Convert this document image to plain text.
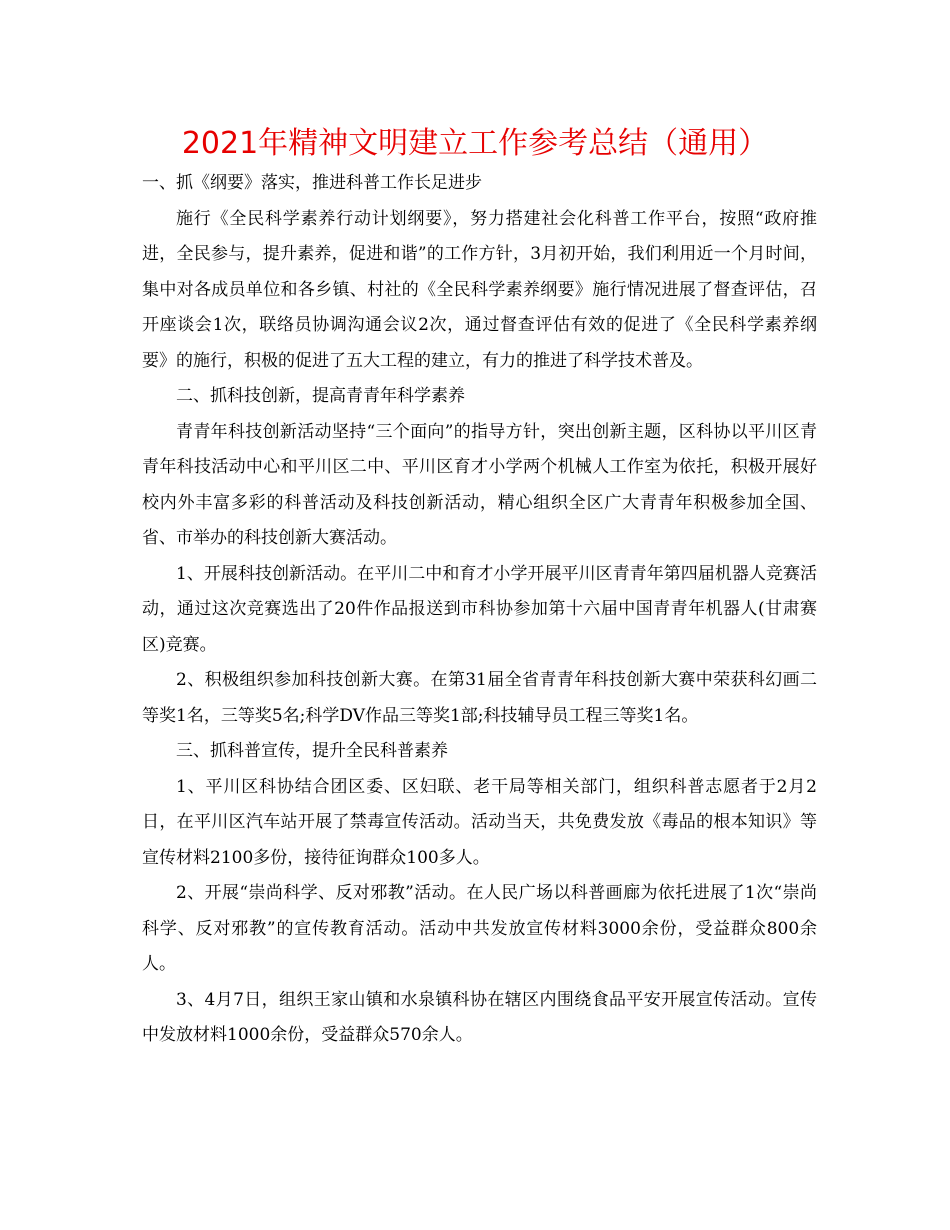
2021年精神文明建立工作参考总结（通用）

一、抓《纲要》落实，推进科普工作长足进步

施行《全民科学素养行动计划纲要》，努力搭建社会化科普工作平台，按照“政府推进，全民参与，提升素养，促进和谐”的工作方针，3月初开始，我们利用近一个月时间，集中对各成员单位和各乡镇、村社的《全民科学素养纲要》施行情况进展了督查评估，召开座谈会1次，联络员协调沟通会议2次，通过督查评估有效的促进了《全民科学素养纲要》的施行，积极的促进了五大工程的建立，有力的推进了科学技术普及。

二、抓科技创新，提高青青年科学素养

青青年科技创新活动坚持“三个面向”的指导方针，突出创新主题，区科协以平川区青青年科技活动中心和平川区二中、平川区育才小学两个机械人工作室为依托，积极开展好校内外丰富多彩的科普活动及科技创新活动，精心组织全区广大青青年积极参加全国、省、市举办的科技创新大赛活动。

1、开展科技创新活动。在平川二中和育才小学开展平川区青青年第四届机器人竞赛活动，通过这次竞赛选出了20件作品报送到市科协参加第十六届中国青青年机器人(甘肃赛区)竞赛。

2、积极组织参加科技创新大赛。在第31届全省青青年科技创新大赛中荣获科幻画二等奖1名，三等奖5名;科学DV作品三等奖1部;科技辅导员工程三等奖1名。

三、抓科普宣传，提升全民科普素养

1、平川区科协结合团区委、区妇联、老干局等相关部门，组织科普志愿者于2月2日，在平川区汽车站开展了禁毒宣传活动。活动当天，共免费发放《毒品的根本知识》等宣传材料2100多份，接待征询群众100多人。

2、开展“崇尚科学、反对邪教”活动。在人民广场以科普画廊为依托进展了1次“崇尚科学、反对邪教”的宣传教育活动。活动中共发放宣传材料3000余份，受益群众800余人。

3、4月7日，组织王家山镇和水泉镇科协在辖区内围绕食品平安开展宣传活动。宣传中发放材料1000余份，受益群众570余人。
